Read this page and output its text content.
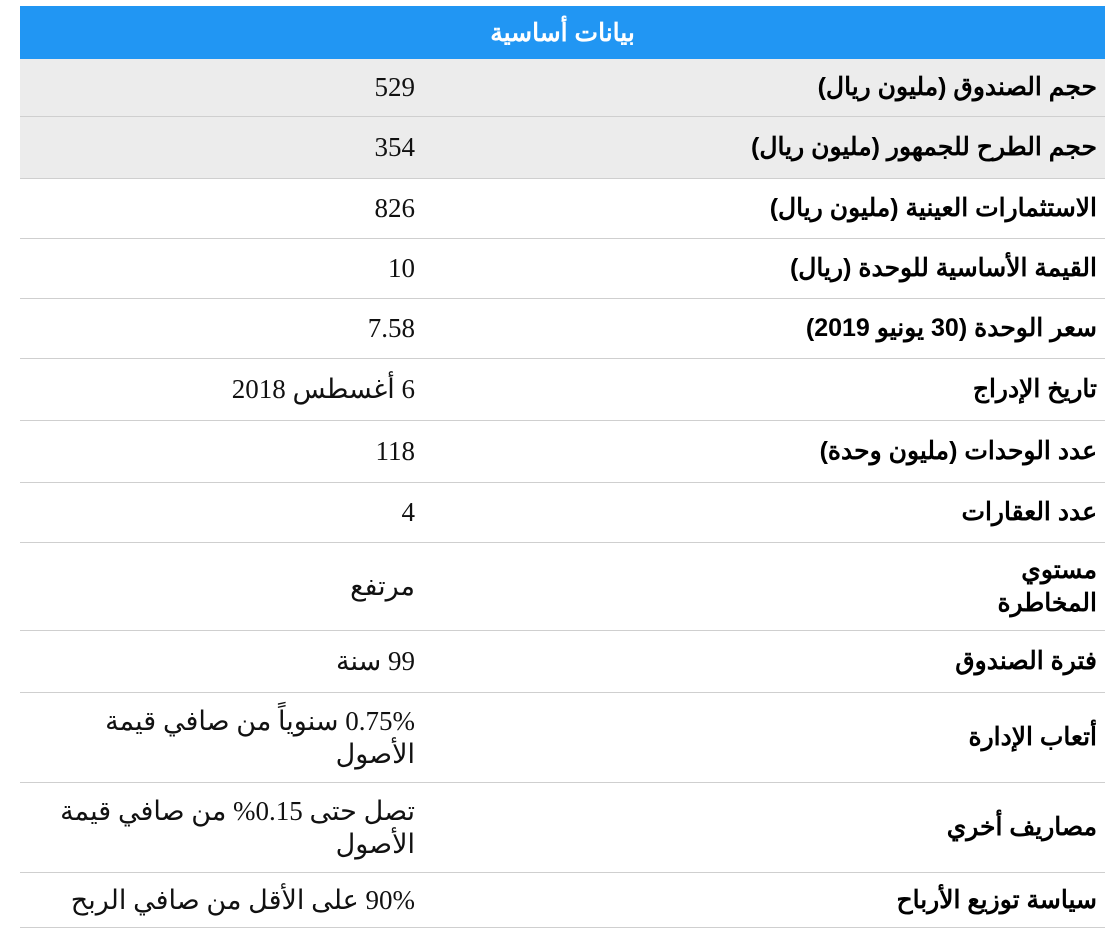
بيانات أساسية
حجم الصندوق (مليون ريال)
529
حجم الطرح للجمهور (مليون ريال)
354
الاستثمارات العينية (مليون ريال)
826
القيمة الأساسية للوحدة (ريال)
10
سعر الوحدة (30 يونيو 2019)
7.58
تاريخ الإدراج
6 أغسطس 2018
عدد الوحدات (مليون وحدة)
118
عدد العقارات
4
مستوي المخاطرة
مرتفع
فترة الصندوق
99 سنة
أتعاب الإدارة
0.75% سنوياً من صافي قيمة الأصول
مصاريف أخري
تصل حتى 0.15% من صافي قيمة الأصول
سياسة توزيع الأرباح
90% على الأقل من صافي الربح
